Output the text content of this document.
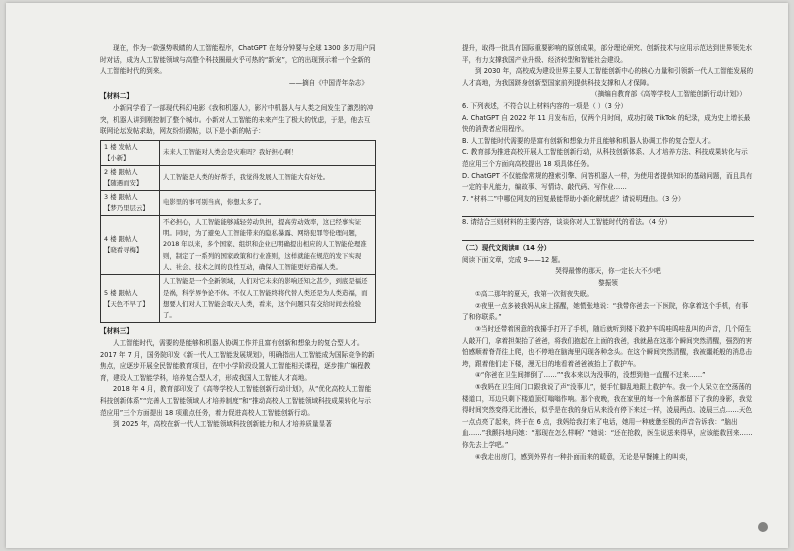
现在，作为一款强势吸睛的人工智能程序，ChatGPT 在每分钟要与全球 1300 多万用户同时对话，成为人工智能领域与高整个科技圈最火乎可热的“新宠”，它的出现预示着一个全新的人工智能时代的到来。

——摘自《中国青年杂志》

【材料二】

小新同学看了一部现代科幻电影《我和机器人》，影片中机器人与人类之间发生了激烈的冲突，机器人讲到刚控制了整个城市。小新对人工智能的未来产生了极大的忧虑，于是，他去互联网论坛发帖求助，网友纷纷跟帖，以下是小新的帖子：

1 楼 发帖人
【小新】	未来人工智能对人类会是灾难吗？我好担心啊！

2 楼 跟帖人
【随遇而安】	人工智能是人类的好帮手，我觉得发展人工智能大有好处。

3 楼 跟帖人
【梦乃里层云】	电影里的事可别当真，你想太多了。

4 楼 跟帖人
【晓看寻梅】	不必担心，人工智能能够减轻劳动负担，提高劳动效率，这已经事实证明。同时，为了避免人工智能带来的隐私暴露、网络犯罪等伦理问题，2018 年以来，多个国家、组织和企业已明确提出相应的人工智能伦理准则，制定了一系列的国家政策和行业准则，这样就能在规范的发下实现人、社会、技术之间的良性互动，确保人工智能更好造福人类。

5 楼 跟帖人
【天色不早了】	人工智能是一个全新领域，人们对它未来的影响还知之甚少，到底是福还是祸，科学界争论不休。不仅人工智能终将代替人类还是为人类造福，而想要人们对人工智能会取天人类，看来，这个问题只有交给时间去检验了。

【材料三】

人工智能时代，需要的是能够和机器人协调工作并且富有创新和想象力的复合型人才。2017 年 7 月，国务院印发《新一代人工智能发展规划》，明确指出人工智能成为国际竞争的新焦点，应逐步开展全民智能教育项目，在中小学阶段设置人工智能相关课程，逐步推广编程教育，建设人工智能学科，培养复合型人才，形成我国人工智能人才高地。

2018 年 4 月，教育部印发了《高等学校人工智能创新行动计划》，从“优化高校人工智能科技创新体系”“完善人工智能领域人才培养制度”和“推动高校人工智能领域科技成果转化与示范应用”三个方面提出 18 项重点任务，着力促进高校人工智能创新行动。

到 2025 年，高校在新一代人工智能领域科技创新能力和人才培养质量显著

提升，取得一批具有国际重要影响的原创成果，部分理论研究、创新技术与应用示范达到世界领先水平，有力支撑我国产业升级、经济转型和智能社会建设。

到 2030 年，高校成为建设世界主要人工智能创新中心的核心力量和引领新一代人工智能发展的人才高地，为我国跻身创新型国家前列提供科技支撑和人才保障。

（摘编自教育部《高等学校人工智能创新行动计划》）

6. 下列表述，不符合以上材料内容的一项是（ ）（3 分）

A. ChatGPT 自 2022 年 11 月发布后，仅两个月时间，成功打破 TikTok 的纪录，成为史上增长最快的消费者应用程序。

B. 人工智能时代需要的是富有创新和想象力并且能够和机器人协调工作的复合型人才。

C. 教育部为推进高校开展人工智能创新行动，从科技创新体系、人才培养方法、科技成果转化与示范应用三个方面向高校提出 18 项具体任务。

D. ChatGPT 不仅能像常规的搜索引擎、问答机器人一样，为使用者提供知识的基础问题，而且具有一定的非凡能力，编故事、写情诗、敲代码、写作业……

7. “材料二”中哪位网友的回复最能帮助小新化解忧虑？请说明理由。（3 分）

8. 请结合三则材料的主要内容，谈谈你对人工智能时代的看法。（4 分）

（二）现代文阅读Ⅱ（14 分）

阅读下面文章，完成 9——12 题。

哭得最惨的那天，你一定长大不少吧

黎振领

①高二那年的夏天，我第一次彻夜失眠。

②夜里一点多被我妈从床上摇醒，她慌张地说：“我带你爸去一下医院，你拿着这个手机，有事了和你联系。”

③当时还带着困意的我攥手打开了手机，随后就听到楼下救护车呜哇呜哇乱叫的声音，几个陌生人敲开门，拿着担架抬了爸爸，将我们抱起在上面的我爸，我就悬在这那个瞬间突然清醒，强烈的害怕感顺着脊背往上爬，也不停地在脑海里闪现各种念头。在这个瞬间突然清醒，我被噩耗般的消息击垮，跟着他们走下楼，漫无目的地看着爸爸被抬上了救护车。

④“你爸在卫生间摔倒了……”“我本来以为没事的，没想到他一直醒不过来……”

⑤我妈在卫生间门口跟我说了声“没事儿”，便手忙脚乱地跟上救护车。我一个人呆立在空荡荡的楼道口，耳边只剩下楼道顶灯嗡嗡作响。那个夜晚，我在家里的每一个角落都留下了我的身影，我觉得时间突然变得无比漫长，似乎是在我的身后从来没有停下来过一样，凌晨两点、凌晨三点……天色一点点亮了起来，终于在 6 点，我妈给我打来了电话，她用一种疲惫至极的声音告诉我：“脑出血……”我颤抖地问她：“那现在怎么样啊？”她说：“还在抢救，医生说送来得早，应该能救回来……你先去上学吧。”

⑥我走出房门，感到外界有一种扑面而来的暖意，无论是早餐摊上的叫卖，
